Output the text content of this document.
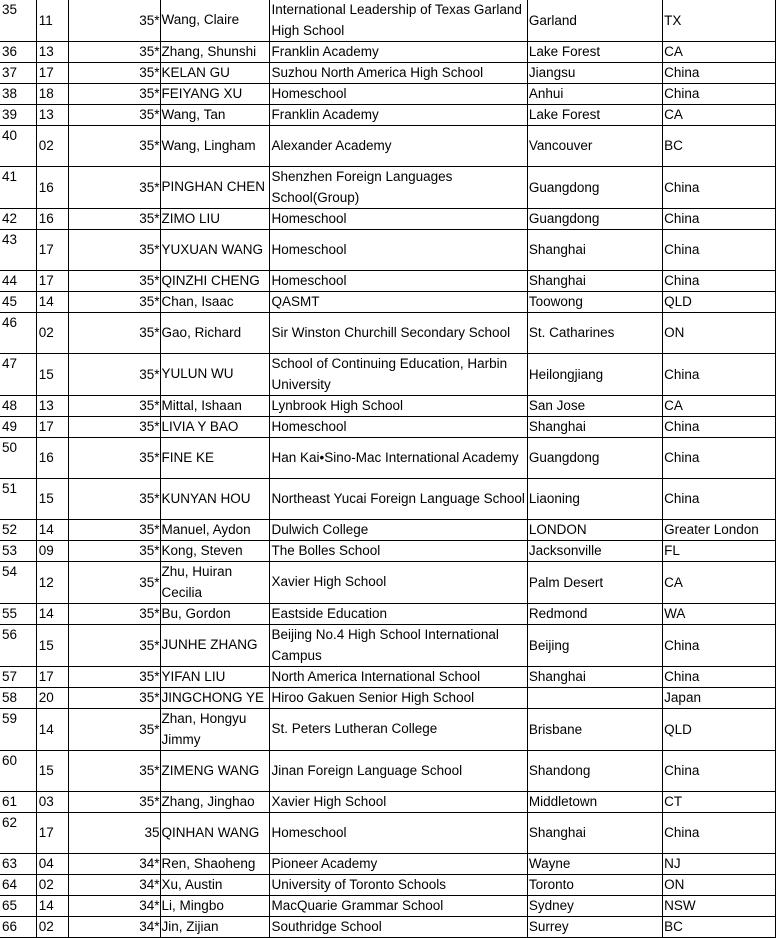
35	11	35*	Wang, Claire	International Leadership of Texas Garland High School	Garland	TX
36	13	35*	Zhang, Shunshi	Franklin Academy	Lake Forest	CA
37	17	35*	KELAN GU	Suzhou North America High School	Jiangsu	China
38	18	35*	FEIYANG XU	Homeschool	Anhui	China
39	13	35*	Wang, Tan	Franklin Academy	Lake Forest	CA
40	02	35*	Wang, Lingham	Alexander Academy	Vancouver	BC
41	16	35*	PINGHAN CHEN	Shenzhen Foreign Languages School(Group)	Guangdong	China
42	16	35*	ZIMO LIU	Homeschool	Guangdong	China
43	17	35*	YUXUAN WANG	Homeschool	Shanghai	China
44	17	35*	QINZHI CHENG	Homeschool	Shanghai	China
45	14	35*	Chan, Isaac	QASMT	Toowong	QLD
46	02	35*	Gao, Richard	Sir Winston Churchill Secondary School	St. Catharines	ON
47	15	35*	YULUN WU	School of Continuing Education, Harbin University	Heilongjiang	China
48	13	35*	Mittal, Ishaan	Lynbrook High School	San Jose	CA
49	17	35*	LIVIA Y BAO	Homeschool	Shanghai	China
50	16	35*	FINE KE	Han Kai•Sino-Mac International Academy	Guangdong	China
51	15	35*	KUNYAN HOU	Northeast Yucai Foreign Language School	Liaoning	China
52	14	35*	Manuel, Aydon	Dulwich College	LONDON	Greater London
53	09	35*	Kong, Steven	The Bolles School	Jacksonville	FL
54	12	35*	Zhu, Huiran Cecilia	Xavier High School	Palm Desert	CA
55	14	35*	Bu, Gordon	Eastside Education	Redmond	WA
56	15	35*	JUNHE ZHANG	Beijing No.4 High School International Campus	Beijing	China
57	17	35*	YIFAN LIU	North America International School	Shanghai	China
58	20	35*	JINGCHONG YE	Hiroo Gakuen Senior High School		Japan
59	14	35*	Zhan, Hongyu Jimmy	St. Peters Lutheran College	Brisbane	QLD
60	15	35*	ZIMENG WANG	Jinan Foreign Language School	Shandong	China
61	03	35*	Zhang, Jinghao	Xavier High School	Middletown	CT
62	17	35	QINHAN WANG	Homeschool	Shanghai	China
63	04	34*	Ren, Shaoheng	Pioneer Academy	Wayne	NJ
64	02	34*	Xu, Austin	University of Toronto Schools	Toronto	ON
65	14	34*	Li, Mingbo	MacQuarie Grammar School	Sydney	NSW
66	02	34*	Jin, Zijian	Southridge School	Surrey	BC
